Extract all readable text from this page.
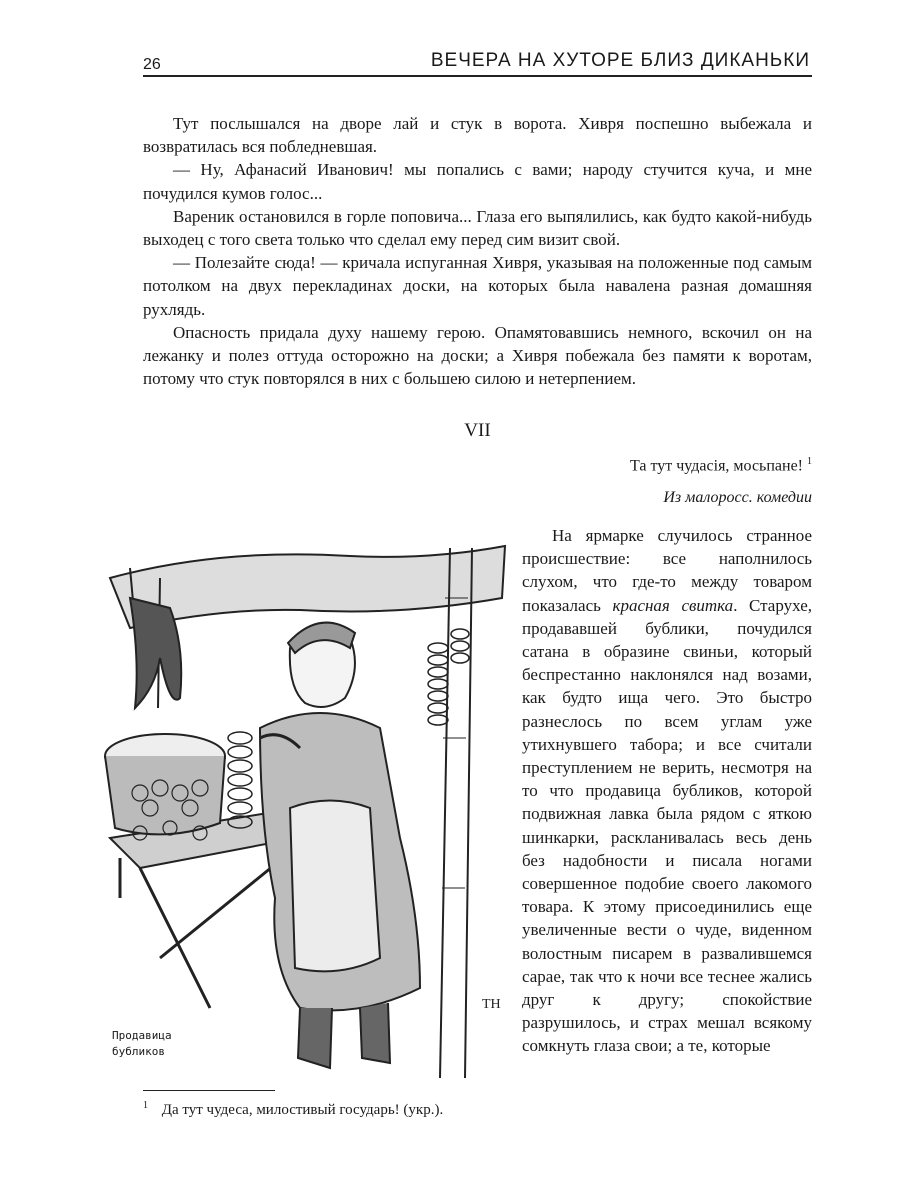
26	ВЕЧЕРА НА ХУТОРЕ БЛИЗ ДИКАНЬКИ

Тут послышался на дворе лай и стук в ворота. Хивря поспешно выбежала и возвратилась вся побледневшая.

— Ну, Афанасий Иванович! мы попались с вами; народу стучится куча, и мне почудился кумов голос...

Вареник остановился в горле поповича... Глаза его выпялились, как будто какой-нибудь выходец с того света только что сделал ему перед сим визит свой.

— Полезайте сюда! — кричала испуганная Хивря, указывая на положенные под самым потолком на двух перекладинах доски, на которых была навалена разная домашняя рухлядь.

Опасность придала духу нашему герою. Опамятовавшись немного, вскочил он на лежанку и полез оттуда осторожно на доски; а Хивря побежала без памяти к воротам, потому что стук повторялся в них с большею силою и нетерпением.

VII
Та тут чудасія, мосьпане! $^1$
Из малоросс. комедии
ТН
Продавица
бубликов

На ярмарке случилось странное происшествие: все наполнилось слухом, что где-то между товаром показалась красная свитка. Старухе, продававшей бублики, почудился сатана в образине свиньи, который беспрестанно наклонялся над возами, как будто ища чего. Это быстро разнеслось по всем углам уже утихнувшего табора; и все считали преступлением не верить, несмотря на то что продавица бубликов, которой подвижная лавка была рядом с яткою шинкарки, раскланивалась весь день без надобности и писала ногами совершенное подобие своего лакомого товара. К этому присоединились еще увеличенные вести о чуде, виденном волостным писарем в развалившемся сарае, так что к ночи все теснее жались друг к другу; спокойствие разрушилось, и страх мешал всякому сомкнуть глаза свои; а те, которые

$^1$ Да тут чудеса, милостивый государь! (укр.).
